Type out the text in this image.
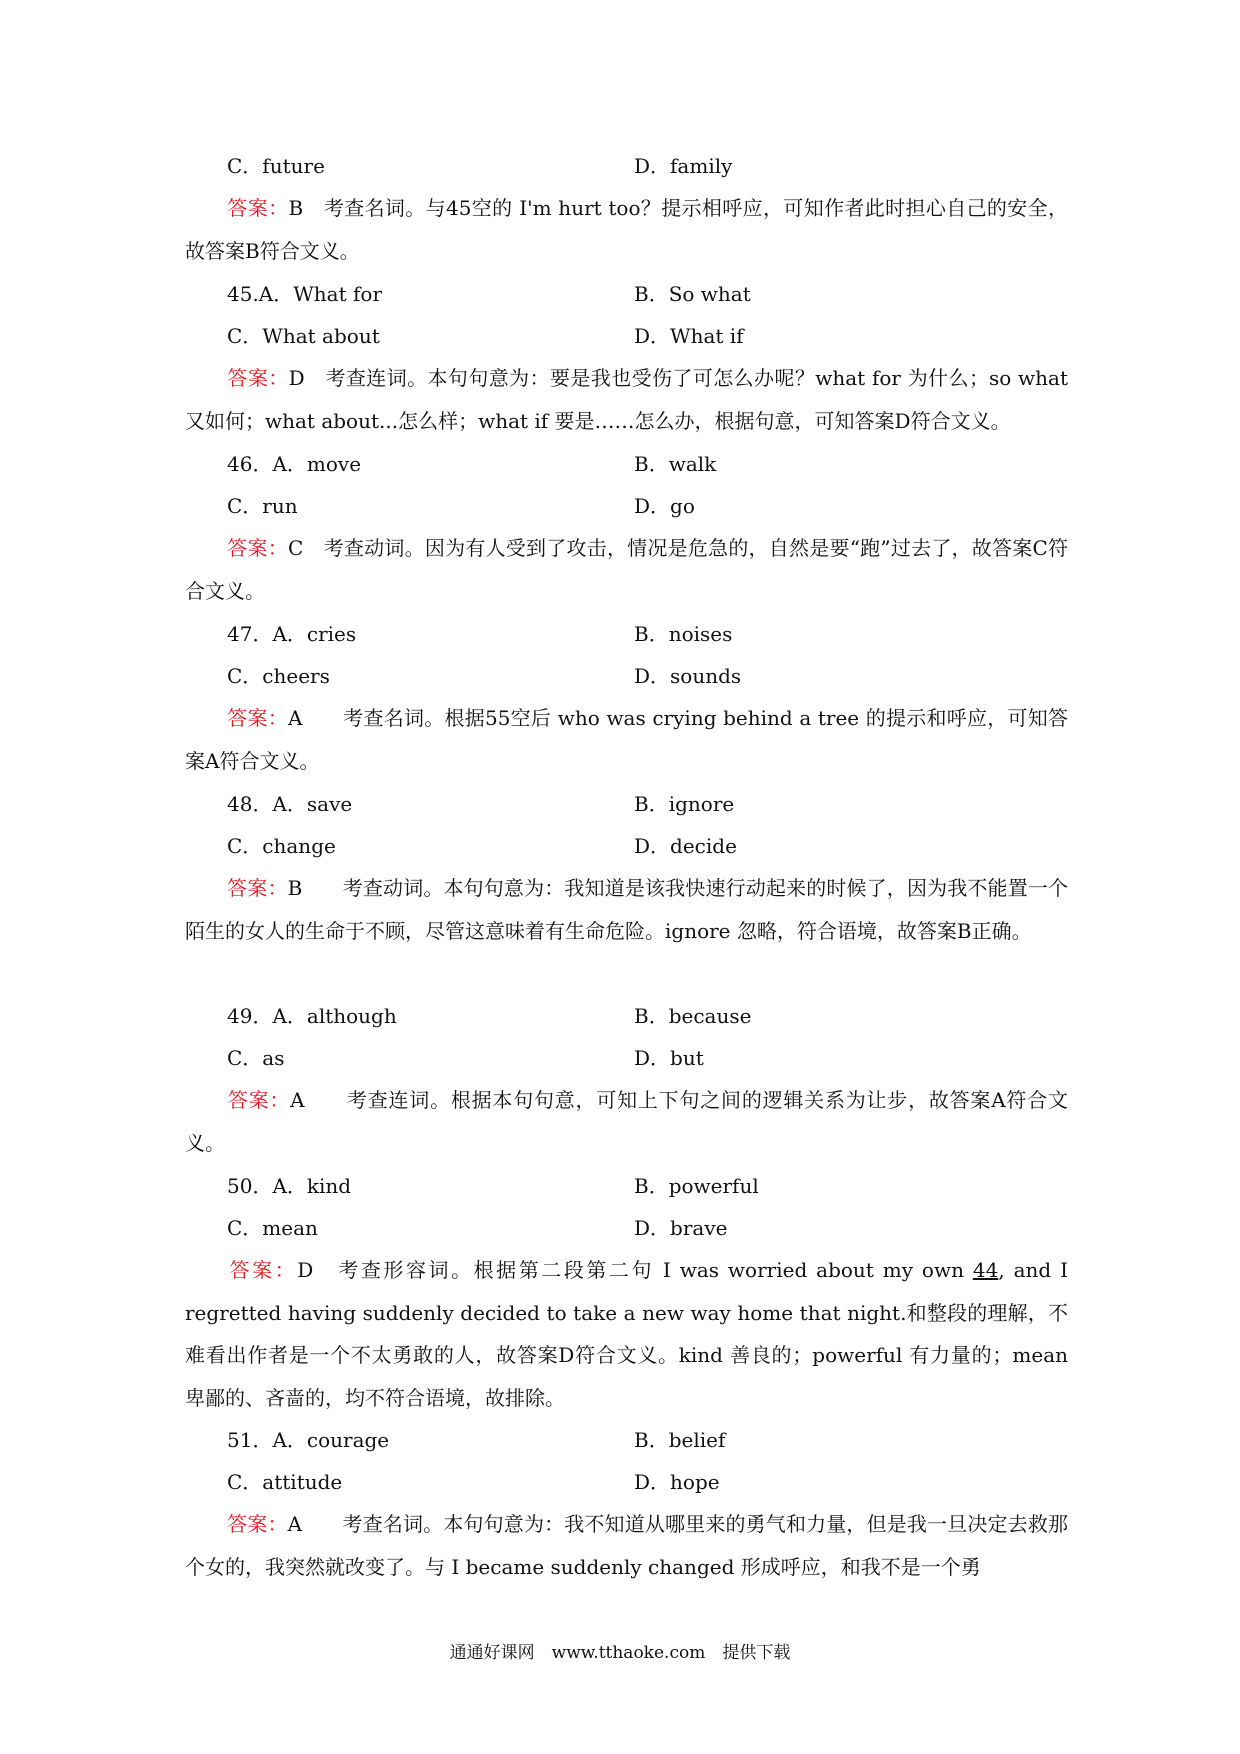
C．future	D．family
答案：B　考查名词。与45空的 I'm hurt too？提示相呼应，可知作者此时担心自己的安全，故答案B符合文义。
45.A．What for	B．So what
C．What about	D．What if
答案：D　考查连词。本句句意为：要是我也受伤了可怎么办呢？what for 为什么；so what 又如何；what about...怎么样；what if 要是……怎么办，根据句意，可知答案D符合文义。
46．A．move	B．walk
C．run	D．go
答案：C　考查动词。因为有人受到了攻击，情况是危急的，自然是要“跑”过去了，故答案C符合文义。
47．A．cries	B．noises
C．cheers	D．sounds
答案：A　　考查名词。根据55空后 who was crying behind a tree 的提示和呼应，可知答案A符合文义。
48．A．save	B．ignore
C．change	D．decide
答案：B　　考查动词。本句句意为：我知道是该我快速行动起来的时候了，因为我不能置一个陌生的女人的生命于不顾，尽管这意味着有生命危险。ignore 忽略，符合语境，故答案B正确。
49．A．although	B．because
C．as	D．but
答案：A　　考查连词。根据本句句意，可知上下句之间的逻辑关系为让步，故答案A符合文义。
50．A．kind	B．powerful
C．mean	D．brave
答案：D　考查形容词。根据第二段第二句 I was worried about my own 44, and I regretted having suddenly decided to take a new way home that night.和整段的理解，不难看出作者是一个不太勇敢的人，故答案D符合文义。kind 善良的；powerful 有力量的；mean 卑鄙的、吝啬的，均不符合语境，故排除。
51．A．courage	B．belief
C．attitude	D．hope
答案：A　　考查名词。本句句意为：我不知道从哪里来的勇气和力量，但是我一旦决定去救那个女的，我突然就改变了。与 I became suddenly changed 形成呼应，和我不是一个勇
通通好课网　www.tthaoke.com　提供下载
